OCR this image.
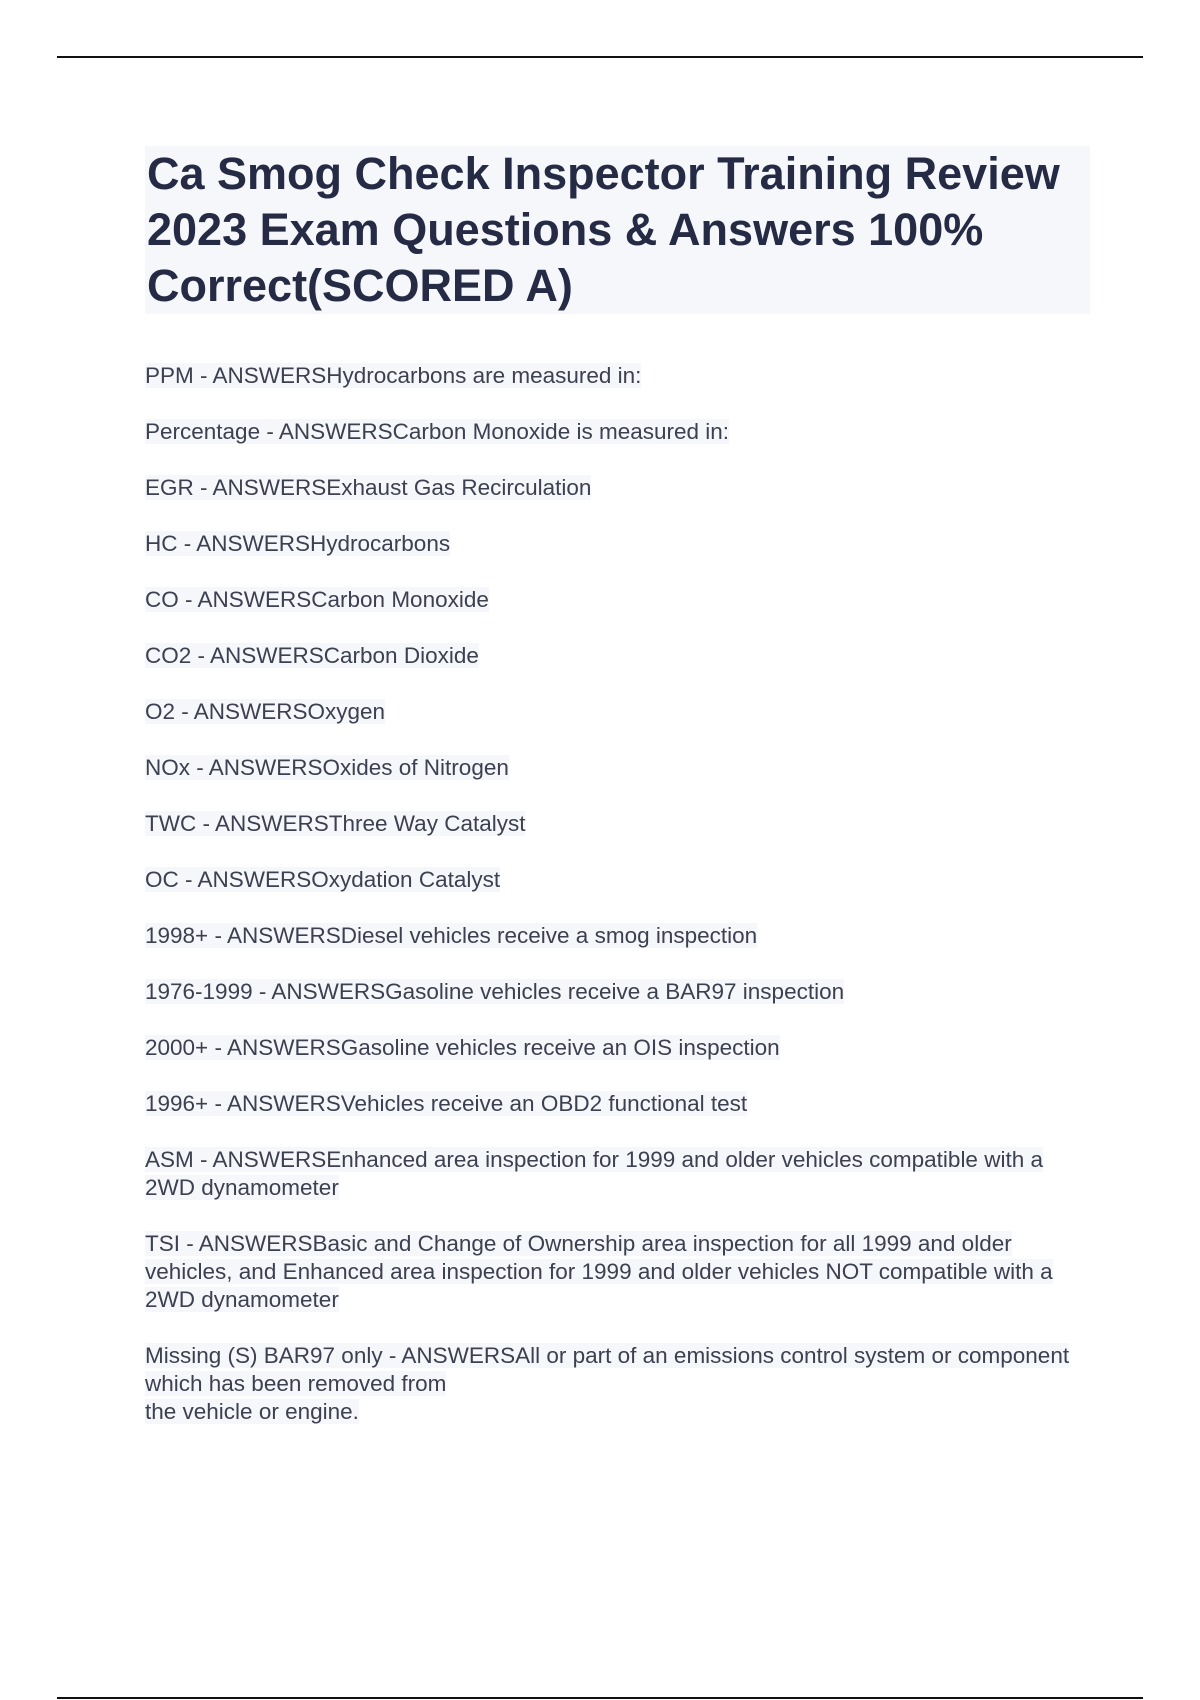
Ca Smog Check Inspector Training Review 2023 Exam Questions & Answers 100% Correct(SCORED A)
PPM - ANSWERSHydrocarbons are measured in:
Percentage - ANSWERSCarbon Monoxide is measured in:
EGR - ANSWERSExhaust Gas Recirculation
HC - ANSWERSHydrocarbons
CO - ANSWERSCarbon Monoxide
CO2 - ANSWERSCarbon Dioxide
O2 - ANSWERSOxygen
NOx - ANSWERSOxides of Nitrogen
TWC - ANSWERSThree Way Catalyst
OC - ANSWERSOxydation Catalyst
1998+ - ANSWERSDiesel vehicles receive a smog inspection
1976-1999 - ANSWERSGasoline vehicles receive a BAR97 inspection
2000+ - ANSWERSGasoline vehicles receive an OIS inspection
1996+ - ANSWERSVehicles receive an OBD2 functional test
ASM - ANSWERSEnhanced area inspection for 1999 and older vehicles compatible with a 2WD dynamometer
TSI - ANSWERSBasic and Change of Ownership area inspection for all 1999 and older vehicles, and Enhanced area inspection for 1999 and older vehicles NOT compatible with a 2WD dynamometer
Missing (S) BAR97 only - ANSWERSAll or part of an emissions control system or component which has been removed from
the vehicle or engine.
